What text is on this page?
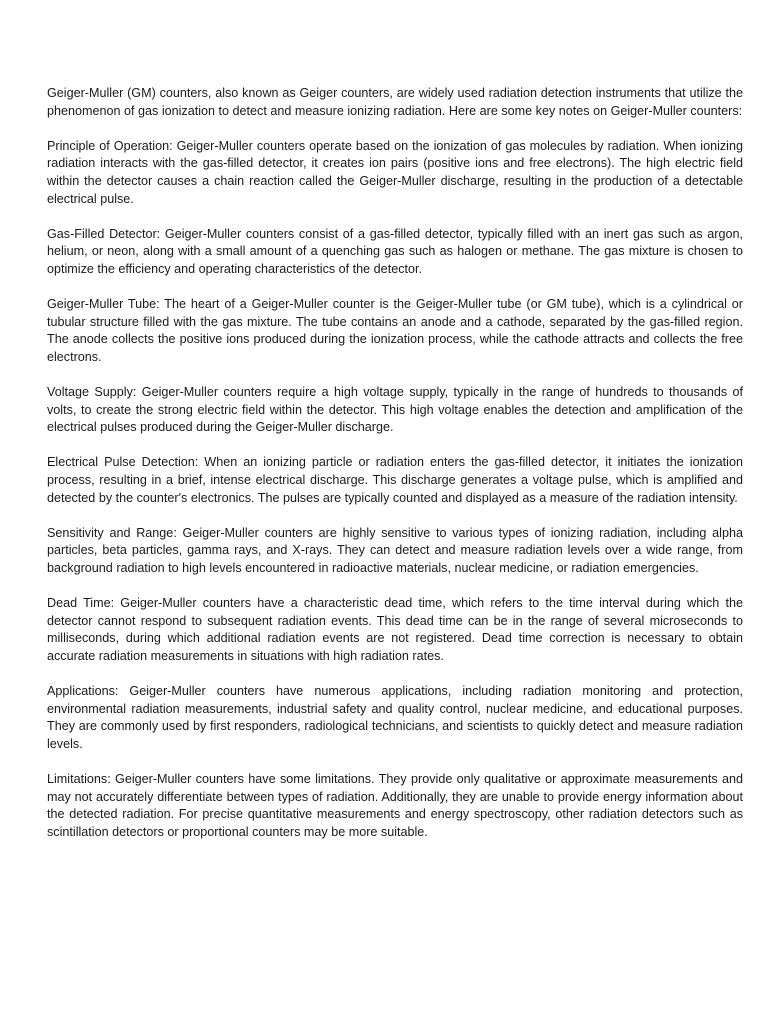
Geiger-Muller (GM) counters, also known as Geiger counters, are widely used radiation detection instruments that utilize the phenomenon of gas ionization to detect and measure ionizing radiation. Here are some key notes on Geiger-Muller counters:

Principle of Operation: Geiger-Muller counters operate based on the ionization of gas molecules by radiation. When ionizing radiation interacts with the gas-filled detector, it creates ion pairs (positive ions and free electrons). The high electric field within the detector causes a chain reaction called the Geiger-Muller discharge, resulting in the production of a detectable electrical pulse.

Gas-Filled Detector: Geiger-Muller counters consist of a gas-filled detector, typically filled with an inert gas such as argon, helium, or neon, along with a small amount of a quenching gas such as halogen or methane. The gas mixture is chosen to optimize the efficiency and operating characteristics of the detector.

Geiger-Muller Tube: The heart of a Geiger-Muller counter is the Geiger-Muller tube (or GM tube), which is a cylindrical or tubular structure filled with the gas mixture. The tube contains an anode and a cathode, separated by the gas-filled region. The anode collects the positive ions produced during the ionization process, while the cathode attracts and collects the free electrons.

Voltage Supply: Geiger-Muller counters require a high voltage supply, typically in the range of hundreds to thousands of volts, to create the strong electric field within the detector. This high voltage enables the detection and amplification of the electrical pulses produced during the Geiger-Muller discharge.

Electrical Pulse Detection: When an ionizing particle or radiation enters the gas-filled detector, it initiates the ionization process, resulting in a brief, intense electrical discharge. This discharge generates a voltage pulse, which is amplified and detected by the counter's electronics. The pulses are typically counted and displayed as a measure of the radiation intensity.

Sensitivity and Range: Geiger-Muller counters are highly sensitive to various types of ionizing radiation, including alpha particles, beta particles, gamma rays, and X-rays. They can detect and measure radiation levels over a wide range, from background radiation to high levels encountered in radioactive materials, nuclear medicine, or radiation emergencies.

Dead Time: Geiger-Muller counters have a characteristic dead time, which refers to the time interval during which the detector cannot respond to subsequent radiation events. This dead time can be in the range of several microseconds to milliseconds, during which additional radiation events are not registered. Dead time correction is necessary to obtain accurate radiation measurements in situations with high radiation rates.

Applications: Geiger-Muller counters have numerous applications, including radiation monitoring and protection, environmental radiation measurements, industrial safety and quality control, nuclear medicine, and educational purposes. They are commonly used by first responders, radiological technicians, and scientists to quickly detect and measure radiation levels.

Limitations: Geiger-Muller counters have some limitations. They provide only qualitative or approximate measurements and may not accurately differentiate between types of radiation. Additionally, they are unable to provide energy information about the detected radiation. For precise quantitative measurements and energy spectroscopy, other radiation detectors such as scintillation detectors or proportional counters may be more suitable.
